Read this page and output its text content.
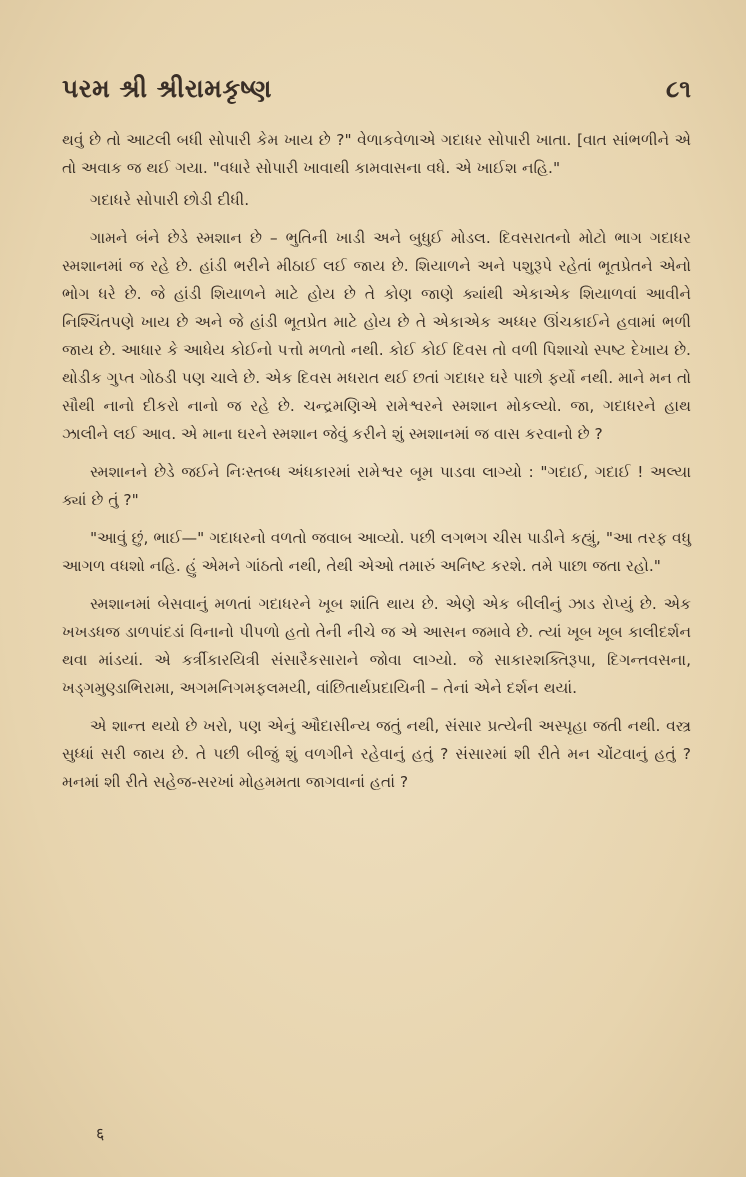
પરમ શ્રી શ્રીરામકૃષ્ણ	૮૧

થવું છે તો આટલી બધી સોપારી કેમ ખાય છે ?" વેળાકવેળાએ ગદાધર સોપારી ખાતા. [વાત સાંભળીને એ તો અવાક જ થઈ ગયા. "વધારે સોપારી ખાવાથી કામવાસના વધે. એ ખાઈશ નહિ."

ગદાધરે સોપારી છોડી દીધી.

ગામને બંને છેડે સ્મશાન છે – ભુતિની ખાડી અને બુધુઈ મોડલ. દિવસરાતનો મોટો ભાગ ગદાધર સ્મશાનમાં જ રહે છે. હાંડી ભરીને મીઠાઈ લઈ જાય છે. શિયાળને અને પશુરૂપે રહેતાં ભૂતપ્રેતને એનો ભોગ ધરે છે. જે હાંડી શિયાળને માટે હોય છે તે કોણ જાણે ક્યાંથી એકાએક શિયાળવાં આવીને નિશ્ચિંતપણે ખાય છે અને જે હાંડી ભૂતપ્રેત માટે હોય છે તે એકાએક અધ્ધર ઊંચકાઈને હવામાં ભળી જાય છે. આધાર કે આધેય કોઈનો પત્તો મળતો નથી. કોઈ કોઈ દિવસ તો વળી પિશાચો સ્પષ્ટ દેખાય છે. થોડીક ગુપ્ત ગોઠડી પણ ચાલે છે. એક દિવસ મધરાત થઈ છતાં ગદાધર ઘરે પાછો ફર્યો નથી. માને મન તો સૌથી નાનો દીકરો નાનો જ રહે છે. ચન્દ્રમણિએ રામેશ્વરને સ્મશાન મોકલ્યો. જા, ગદાધરને હાથ ઝાલીને લઈ આવ. એ માના ઘરને સ્મશાન જેવું કરીને શું સ્મશાનમાં જ વાસ કરવાનો છે ?

સ્મશાનને છેડે જઈને નિઃસ્તબ્ધ અંધકારમાં રામેશ્વર બૂમ પાડવા લાગ્યો : "ગદાઈ, ગદાઈ ! અલ્યા ક્યાં છે તું ?"

"આવું છું, ભાઈ—" ગદાધરનો વળતો જવાબ આવ્યો. પછી લગભગ ચીસ પાડીને કહ્યું, "આ તરફ વધુ આગળ વધશો નહિ. હું એમને ગાંઠતો નથી, તેથી એઓ તમારું અનિષ્ટ કરશે. તમે પાછા જતા રહો."

સ્મશાનમાં બેસવાનું મળતાં ગદાધરને ખૂબ શાંતિ થાય છે. એણે એક બીલીનું ઝાડ રોપ્યું છે. એક ખખડધજ ડાળપાંદડાં વિનાનો પીપળો હતો તેની નીચે જ એ આસન જમાવે છે. ત્યાં ખૂબ ખૂબ કાલીદર્શન થવા માંડયાં. એ કર્ત્રીકારયિત્રી સંસારૈકસારાને જોવા લાગ્યો. જે સાકારશક્તિરૂપા, દિગન્તવસના, ખડ્ગમુણ્ડાભિરામા, અગમનિગમફલમયી, વાંછિતાર્થપ્રદાયિની – તેનાં એને દર્શન થયાં.

એ શાન્ત થયો છે ખરો, પણ એનું ઔદાસીન્ય જતું નથી, સંસાર પ્રત્યેની અસ્પૃહા જતી નથી. વસ્ત્ર સુધ્ધાં સરી જાય છે. તે પછી બીજું શું વળગીને રહેવાનું હતું ? સંસારમાં શી રીતે મન ચોંટવાનું હતું ? મનમાં શી રીતે સહેજ-સરખાં મોહમમતા જાગવાનાં હતાં ?

६
